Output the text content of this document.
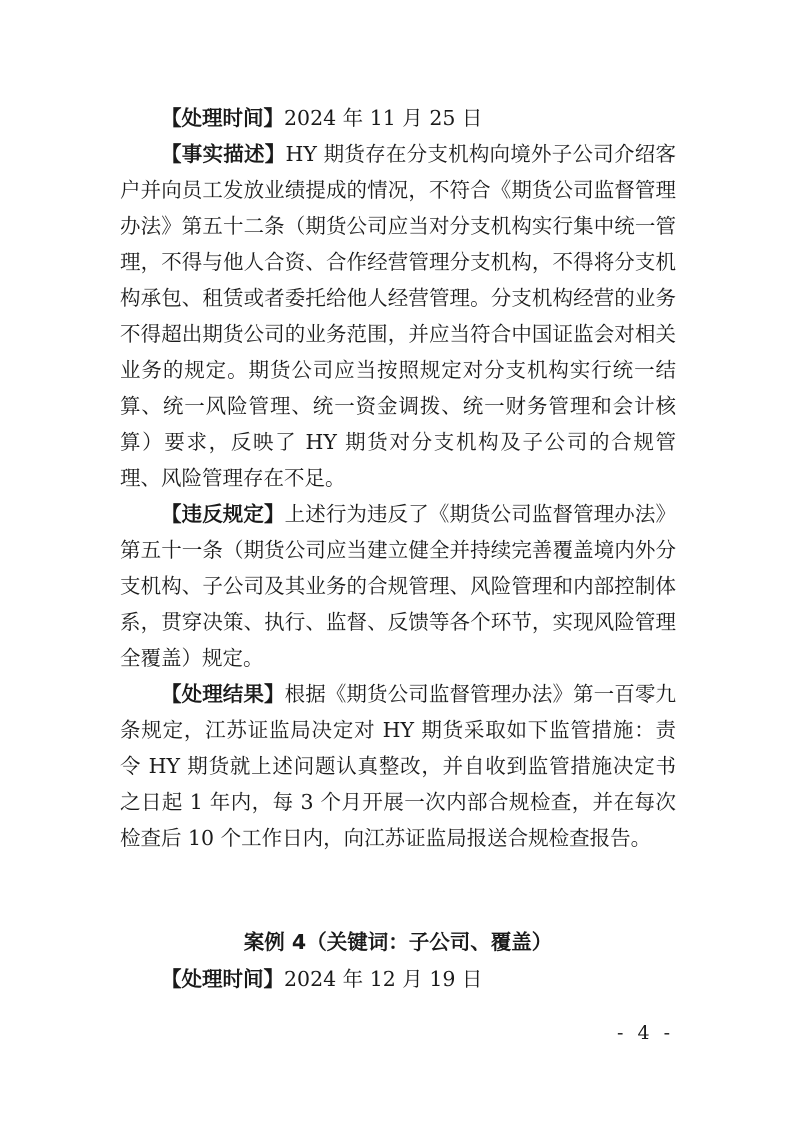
【处理时间】2024 年 11 月 25 日

【事实描述】HY 期货存在分支机构向境外子公司介绍客户并向员工发放业绩提成的情况，不符合《期货公司监督管理办法》第五十二条（期货公司应当对分支机构实行集中统一管理，不得与他人合资、合作经营管理分支机构，不得将分支机构承包、租赁或者委托给他人经营管理。分支机构经营的业务不得超出期货公司的业务范围，并应当符合中国证监会对相关业务的规定。期货公司应当按照规定对分支机构实行统一结算、统一风险管理、统一资金调拨、统一财务管理和会计核算）要求，反映了 HY 期货对分支机构及子公司的合规管理、风险管理存在不足。

【违反规定】上述行为违反了《期货公司监督管理办法》第五十一条（期货公司应当建立健全并持续完善覆盖境内外分支机构、子公司及其业务的合规管理、风险管理和内部控制体系，贯穿决策、执行、监督、反馈等各个环节，实现风险管理全覆盖）规定。

【处理结果】根据《期货公司监督管理办法》第一百零九条规定，江苏证监局决定对 HY 期货采取如下监管措施：责令 HY 期货就上述问题认真整改，并自收到监管措施决定书之日起 1 年内，每 3 个月开展一次内部合规检查，并在每次检查后 10 个工作日内，向江苏证监局报送合规检查报告。

案例 4（关键词：子公司、覆盖）

【处理时间】2024 年 12 月 19 日

- 4 -
